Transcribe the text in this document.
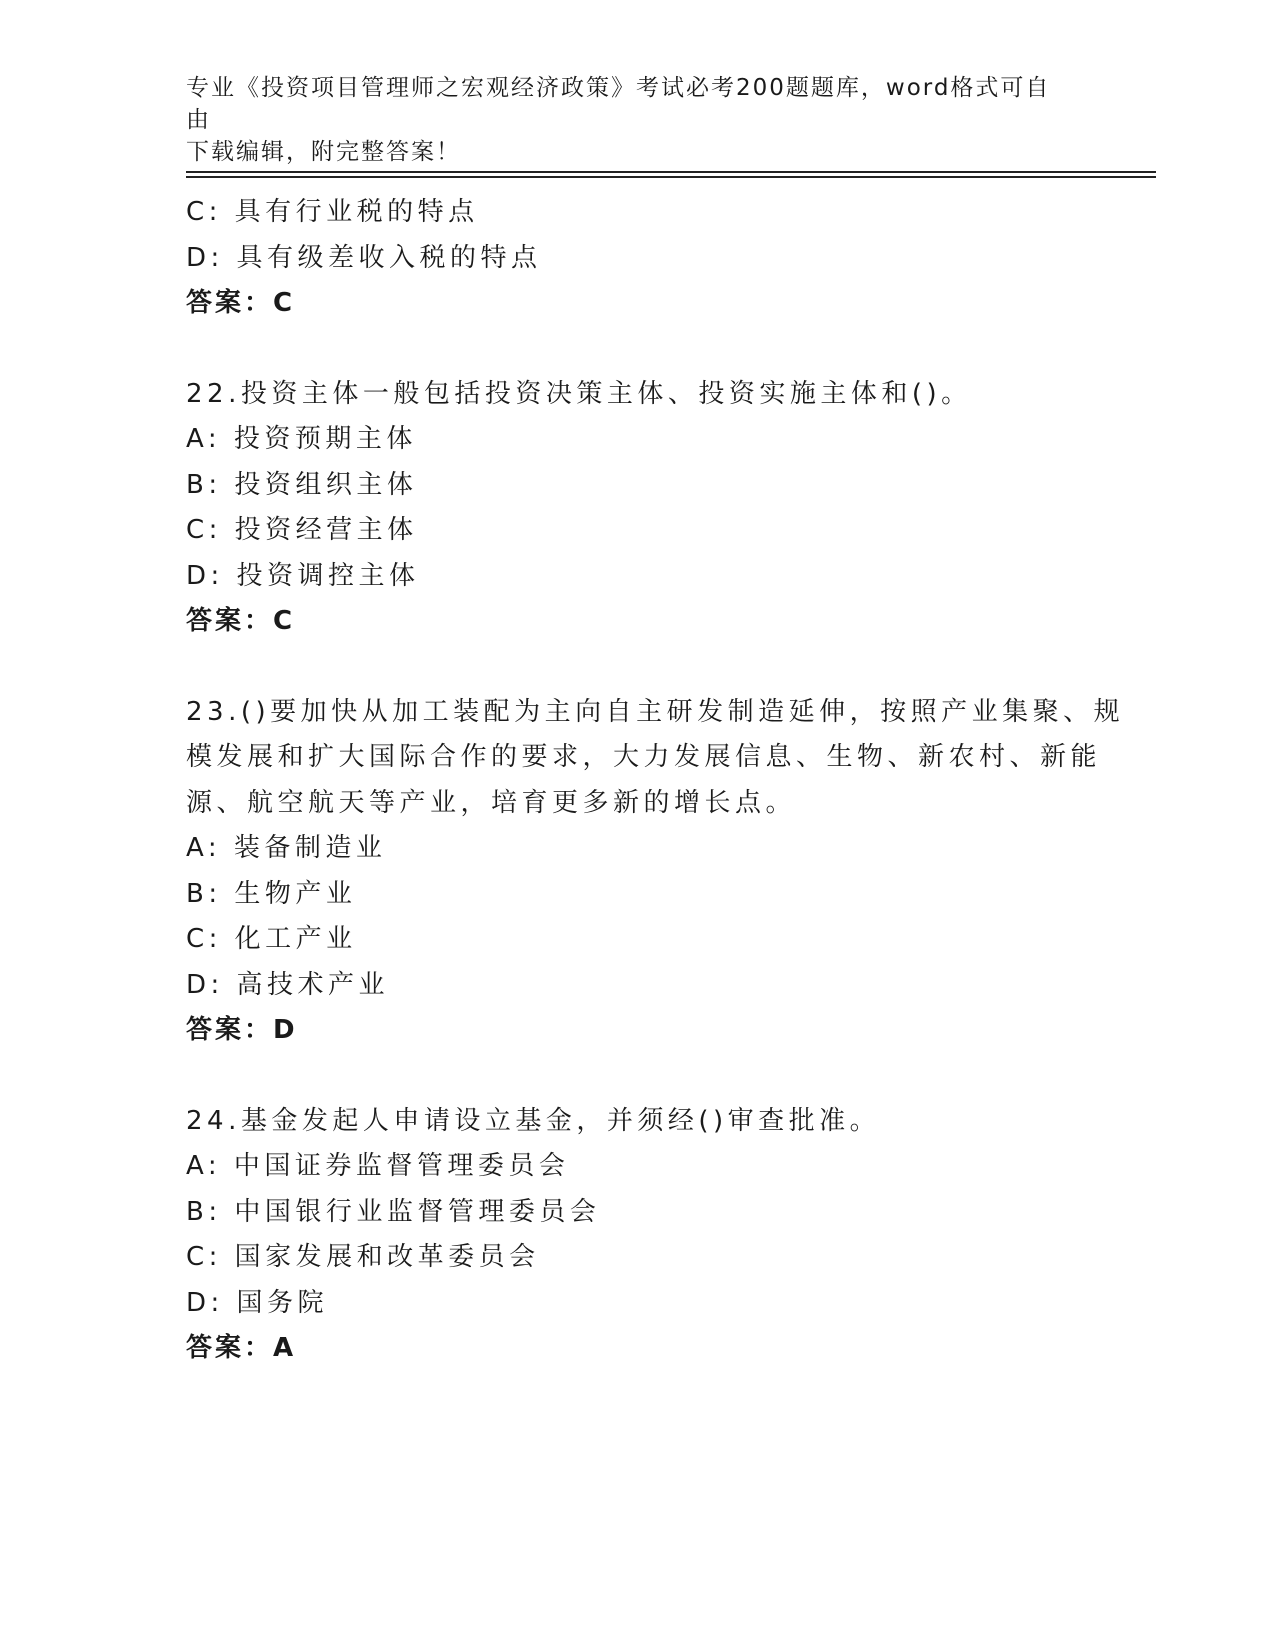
专业《投资项目管理师之宏观经济政策》考试必考200题题库，word格式可自由
下载编辑，附完整答案！
C: 具有行业税的特点
D: 具有级差收入税的特点
答案：C
22.投资主体一般包括投资决策主体、投资实施主体和()。
A: 投资预期主体
B: 投资组织主体
C: 投资经营主体
D: 投资调控主体
答案：C
23.()要加快从加工装配为主向自主研发制造延伸，按照产业集聚、规
模发展和扩大国际合作的要求，大力发展信息、生物、新农村、新能
源、航空航天等产业，培育更多新的增长点。
A: 装备制造业
B: 生物产业
C: 化工产业
D: 高技术产业
答案：D
24.基金发起人申请设立基金，并须经()审查批准。
A: 中国证券监督管理委员会
B: 中国银行业监督管理委员会
C: 国家发展和改革委员会
D: 国务院
答案：A
